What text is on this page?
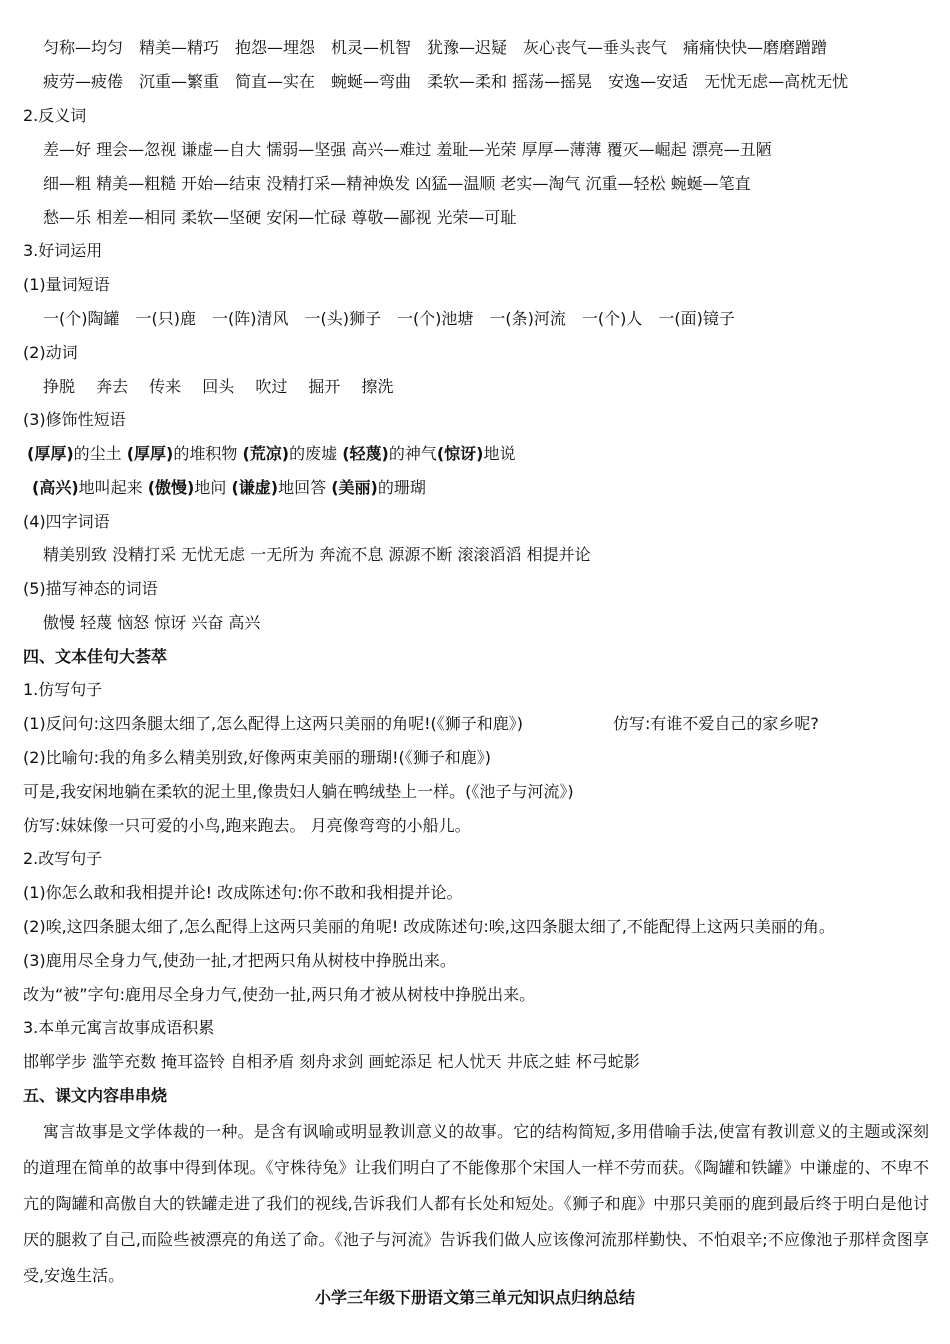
匀称—均匀　精美—精巧　抱怨—埋怨　机灵—机智　犹豫—迟疑　灰心丧气—垂头丧气　痛痛快快—磨磨蹭蹭
疲劳—疲倦　沉重—繁重　简直—实在　蜿蜒—弯曲　柔软—柔和 摇荡—摇晃　安逸—安适　无忧无虑—高枕无忧
2.反义词
差—好 理会—忽视 谦虚—自大 懦弱—坚强 高兴—难过 羞耻—光荣 厚厚—薄薄 覆灭—崛起 漂亮—丑陋
细—粗 精美—粗糙 开始—结束 没精打采—精神焕发 凶猛—温顺 老实—淘气 沉重—轻松 蜿蜒—笔直
愁—乐 相差—相同 柔软—坚硬 安闲—忙碌 尊敬—鄙视 光荣—可耻
3.好词运用
(1)量词短语
一(个)陶罐　一(只)鹿　一(阵)清风　一(头)狮子　一(个)池塘　一(条)河流　一(个)人　一(面)镜子
(2)动词
挣脱　 奔去　 传来　 回头　 吹过　 掘开　 擦洗
(3)修饰性短语
(厚厚)的尘土 (厚厚)的堆积物 (荒凉)的废墟 (轻蔑)的神气(惊讶)地说
(高兴)地叫起来 (傲慢)地问 (谦虚)地回答 (美丽)的珊瑚
(4)四字词语
精美别致 没精打采 无忧无虑 一无所为 奔流不息 源源不断 滚滚滔滔 相提并论
(5)描写神态的词语
傲慢 轻蔑 恼怒 惊讶 兴奋 高兴
四、文本佳句大荟萃
1.仿写句子
(1)反问句:这四条腿太细了,怎么配得上这两只美丽的角呢!(《狮子和鹿》)	仿写:有谁不爱自己的家乡呢?
(2)比喻句:我的角多么精美别致,好像两束美丽的珊瑚!(《狮子和鹿》)
可是,我安闲地躺在柔软的泥土里,像贵妇人躺在鸭绒垫上一样。(《池子与河流》)
仿写:妹妹像一只可爱的小鸟,跑来跑去。 月亮像弯弯的小船儿。
2.改写句子
(1)你怎么敢和我相提并论! 改成陈述句:你不敢和我相提并论。
(2)唉,这四条腿太细了,怎么配得上这两只美丽的角呢! 改成陈述句:唉,这四条腿太细了,不能配得上这两只美丽的角。
(3)鹿用尽全身力气,使劲一扯,才把两只角从树枝中挣脱出来。
改为“被”字句:鹿用尽全身力气,使劲一扯,两只角才被从树枝中挣脱出来。
3.本单元寓言故事成语积累
邯郸学步 滥竽充数 掩耳盗铃 自相矛盾 刻舟求剑 画蛇添足 杞人忧天 井底之蛙 杯弓蛇影
五、课文内容串串烧
寓言故事是文学体裁的一种。是含有讽喻或明显教训意义的故事。它的结构简短,多用借喻手法,使富有教训意义的主题或深刻的道理在简单的故事中得到体现。《守株待兔》让我们明白了不能像那个宋国人一样不劳而获。《陶罐和铁罐》中谦虚的、不卑不亢的陶罐和高傲自大的铁罐走进了我们的视线,告诉我们人都有长处和短处。《狮子和鹿》中那只美丽的鹿到最后终于明白是他讨厌的腿救了自己,而险些被漂亮的角送了命。《池子与河流》告诉我们做人应该像河流那样勤快、不怕艰辛;不应像池子那样贪图享受,安逸生活。
小学三年级下册语文第三单元知识点归纳总结
